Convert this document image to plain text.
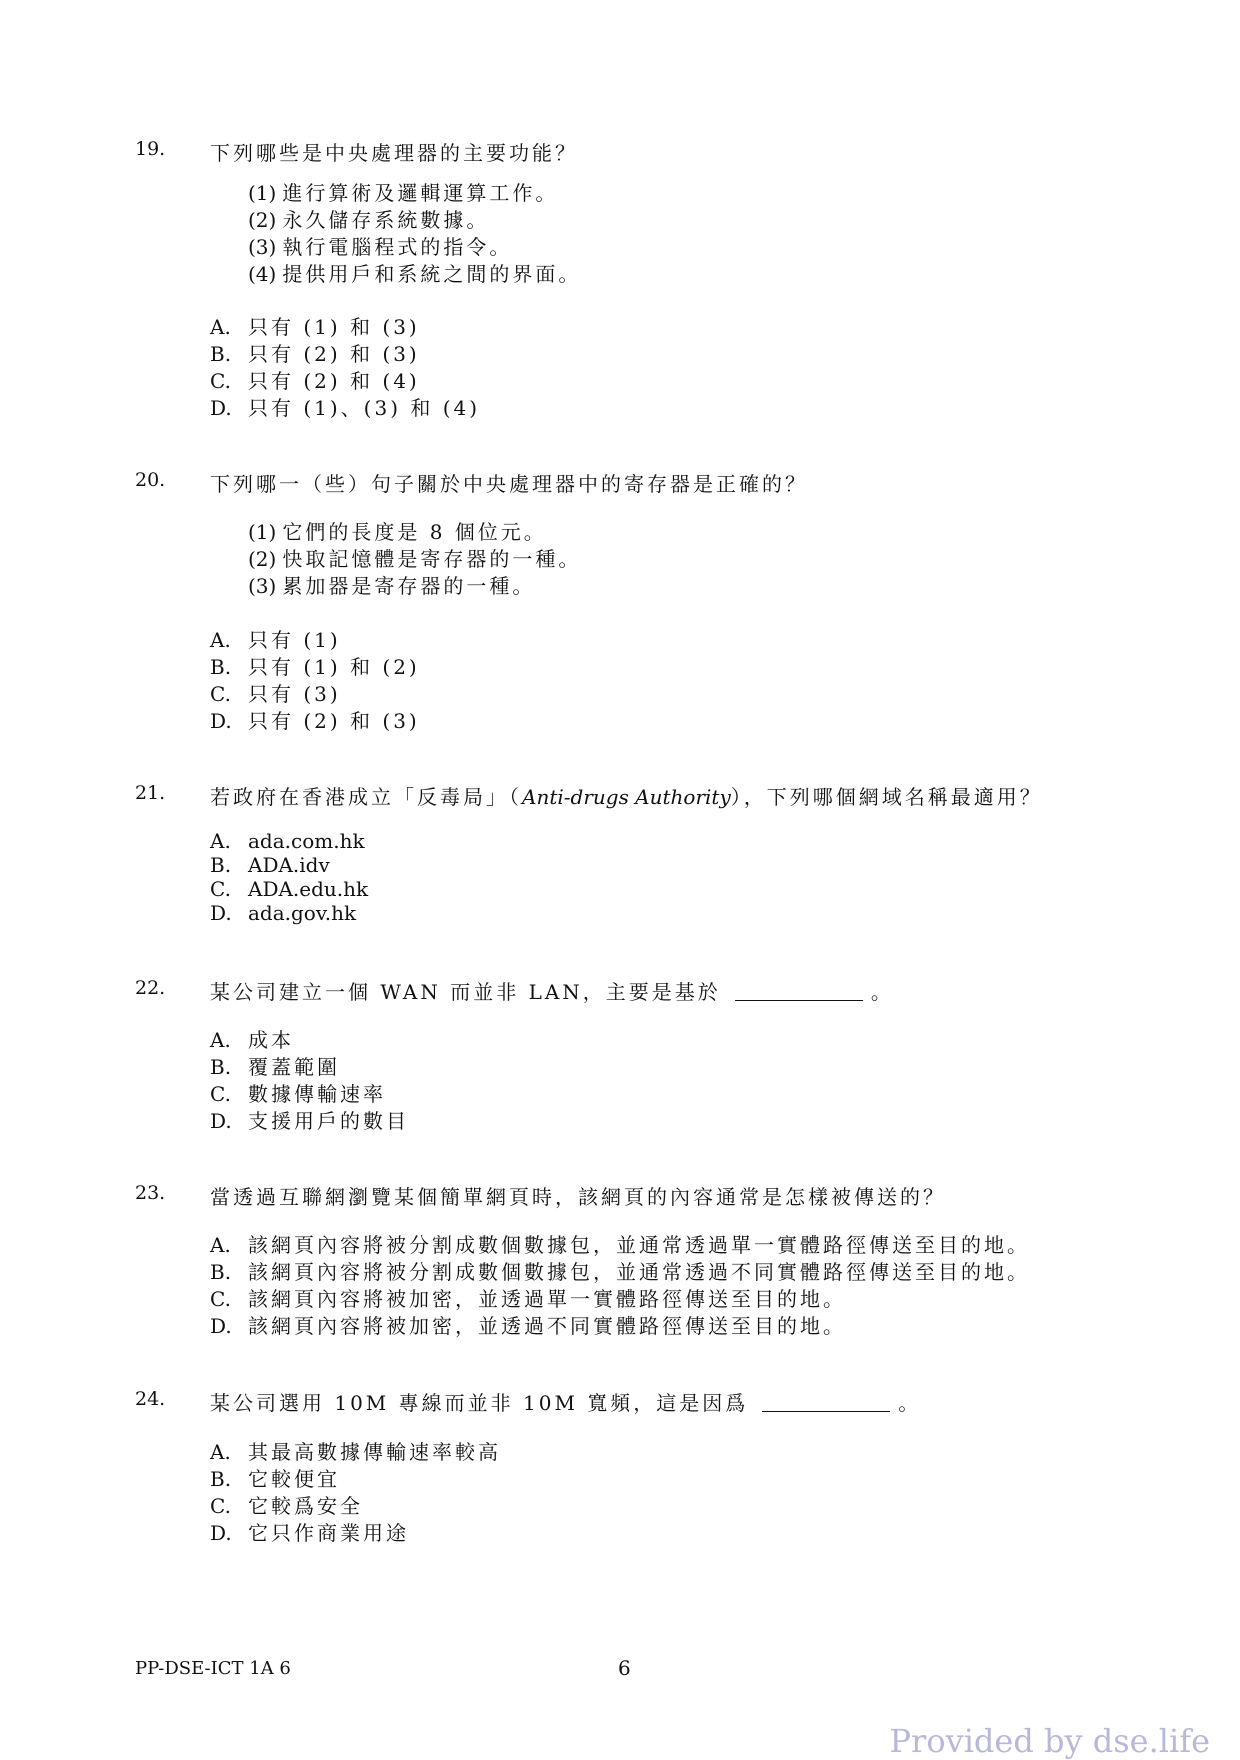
19. 下列哪些是中央處理器的主要功能？
(1) 進行算術及邏輯運算工作。
(2) 永久儲存系統數據。
(3) 執行電腦程式的指令。
(4) 提供用戶和系統之間的界面。
A. 只有 (1) 和 (3)
B. 只有 (2) 和 (3)
C. 只有 (2) 和 (4)
D. 只有 (1)、(3) 和 (4)
20. 下列哪一（些）句子關於中央處理器中的寄存器是正確的？
(1) 它們的長度是 8 個位元。
(2) 快取記憶體是寄存器的一種。
(3) 累加器是寄存器的一種。
A. 只有 (1)
B. 只有 (1) 和 (2)
C. 只有 (3)
D. 只有 (2) 和 (3)
21. 若政府在香港成立「反毒局」（Anti-drugs Authority），下列哪個網域名稱最適用？
A. ada.com.hk
B. ADA.idv
C. ADA.edu.hk
D. ada.gov.hk
22. 某公司建立一個 WAN 而並非 LAN，主要是基於	。
A. 成本
B. 覆蓋範圍
C. 數據傳輸速率
D. 支援用戶的數目
23. 當透過互聯網瀏覽某個簡單網頁時，該網頁的內容通常是怎樣被傳送的？
A. 該網頁內容將被分割成數個數據包，並通常透過單一實體路徑傳送至目的地。
B. 該網頁內容將被分割成數個數據包，並通常透過不同實體路徑傳送至目的地。
C. 該網頁內容將被加密，並透過單一實體路徑傳送至目的地。
D. 該網頁內容將被加密，並透過不同實體路徑傳送至目的地。
24. 某公司選用 10M 專線而並非 10M 寬頻，這是因爲	。
A. 其最高數據傳輸速率較高
B. 它較便宜
C. 它較爲安全
D. 它只作商業用途
PP-DSE-ICT 1A 6	6
Provided by dse.life
